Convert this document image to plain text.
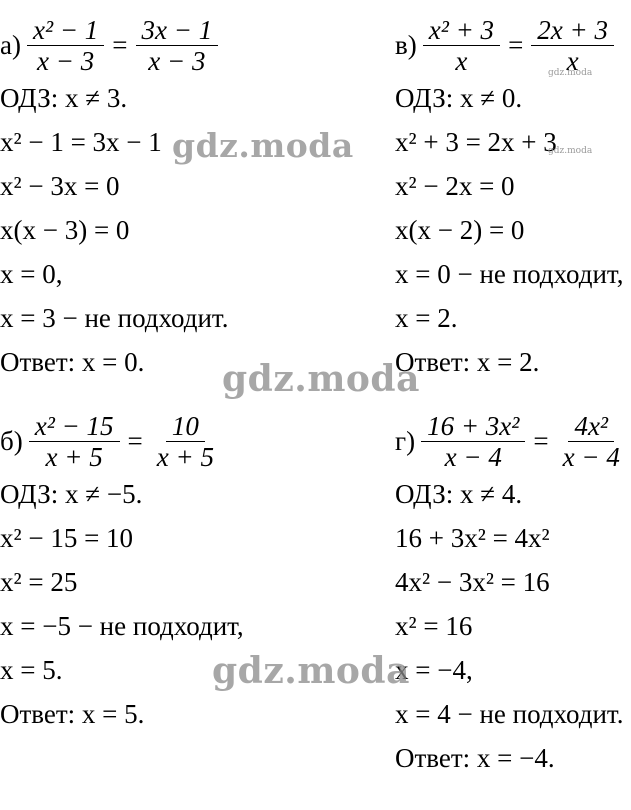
$а) \frac{\text{x² − 1}}{x - 3} = \frac{3x - 1}{x - 3}$
ОДЗ: x ≠ 3.
x² − 1 = 3x − 1
x² − 3x = 0
x(x − 3) = 0
x = 0,
x = 3 − не подходит.
Ответ: x = 0.
$в) \frac{\text{x² + 3}}{x} = \frac{2x + 3}{x}$
ОДЗ: x ≠ 0.
x² + 3 = 2x + 3
x² − 2x = 0
x(x − 2) = 0
x = 0 − не подходит,
x = 2.
Ответ: x = 2.
$б) \frac{\text{x² − 15}}{x + 5} = \frac{10}{x + 5}$
ОДЗ: x ≠ −5.
x² − 15 = 10
x² = 25
x = −5 − не подходит,
x = 5.
Ответ: x = 5.
$г) \frac{\text{16 + 3x²}}{x - 4} = \frac{\text{4x²}}{x - 4}$
ОДЗ: x ≠ 4.
16 + 3x² = 4x²
4x² − 3x² = 16
x² = 16
x = −4,
x = 4 − не подходит.
Ответ: x = −4.
gdz.moda
gdz.moda
gdz.moda
gdz.moda
gdz.moda
